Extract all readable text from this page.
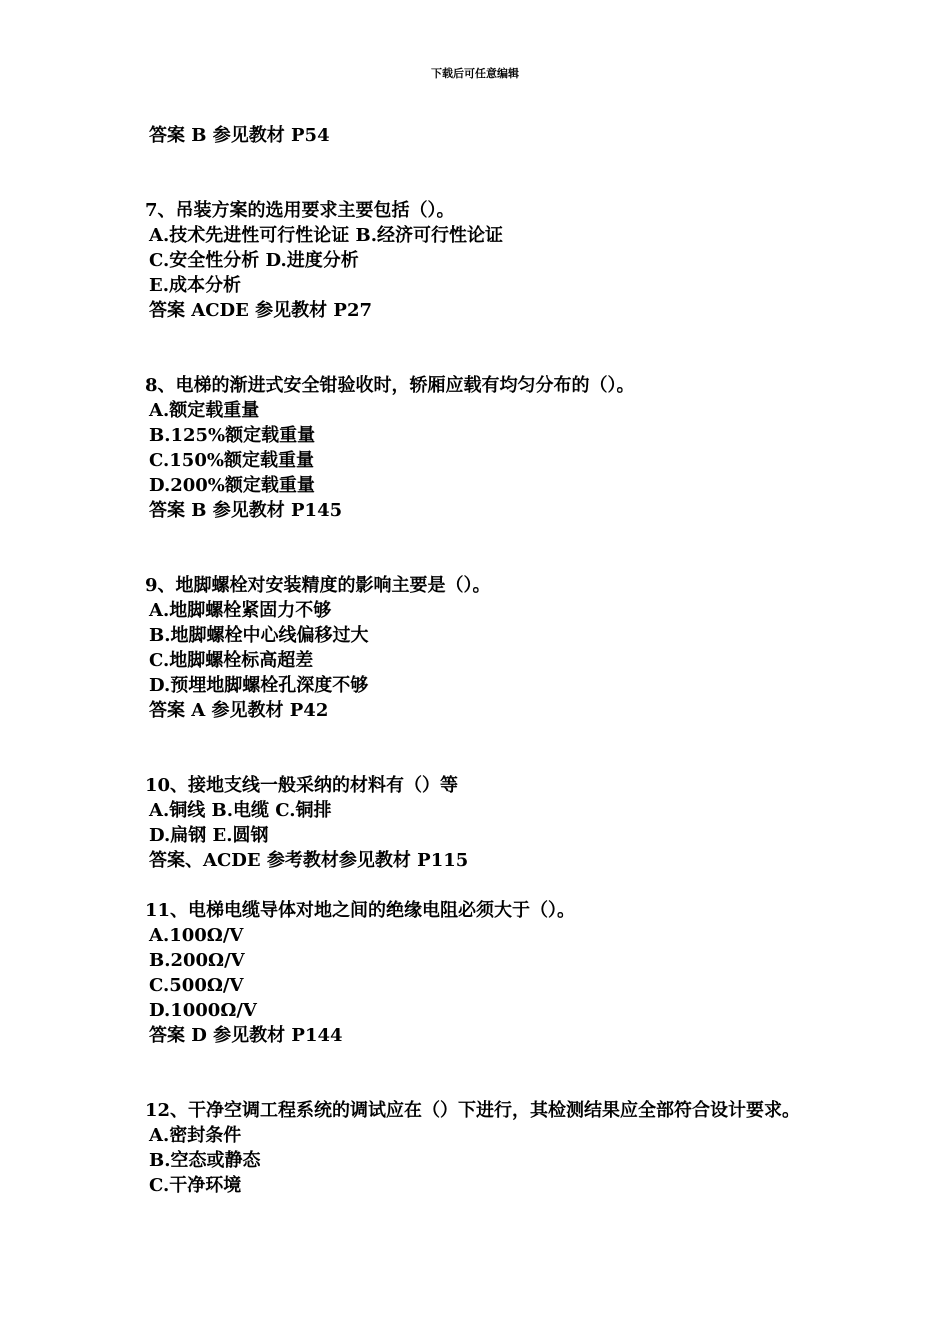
下载后可任意编辑
答案 B 参见教材 P54
7、吊装方案的选用要求主要包括（）。
A.技术先进性可行性论证 B.经济可行性论证
C.安全性分析 D.进度分析
E.成本分析
答案 ACDE 参见教材 P27
8、电梯的渐进式安全钳验收时，轿厢应载有均匀分布的（）。
A.额定载重量
B.125%额定载重量
C.150%额定载重量
D.200%额定载重量
答案 B 参见教材 P145
9、地脚螺栓对安装精度的影响主要是（）。
A.地脚螺栓紧固力不够
B.地脚螺栓中心线偏移过大
C.地脚螺栓标高超差
D.预埋地脚螺栓孔深度不够
答案 A 参见教材 P42
10、接地支线一般采纳的材料有（）等
A.铜线 B.电缆 C.铜排
D.扁钢 E.圆钢
答案、ACDE 参考教材参见教材 P115
11、电梯电缆导体对地之间的绝缘电阻必须大于（）。
A.100Ω/V
B.200Ω/V
C.500Ω/V
D.1000Ω/V
答案 D 参见教材 P144
12、干净空调工程系统的调试应在（）下进行，其检测结果应全部符合设计要求。
A.密封条件
B.空态或静态
C.干净环境
